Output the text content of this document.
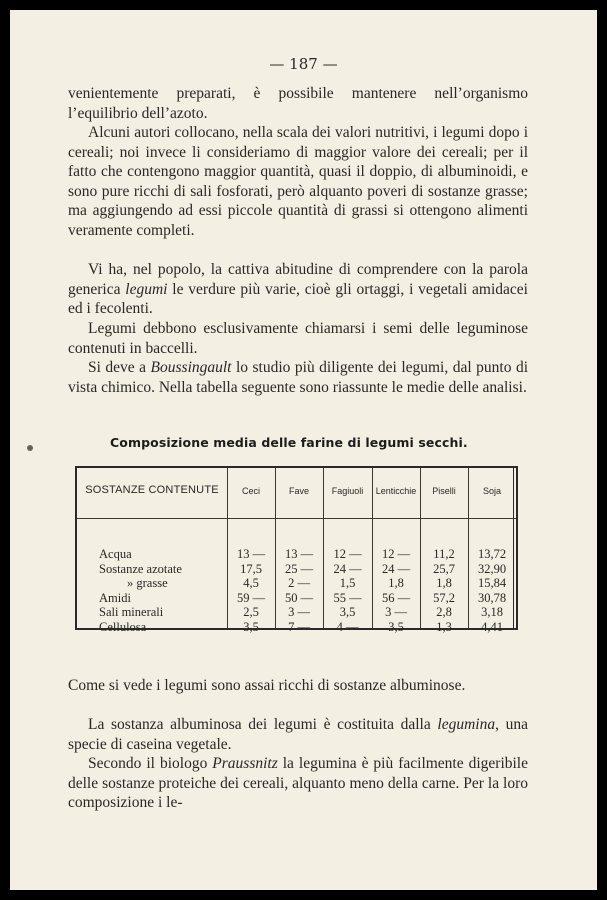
— 187 —

venientemente preparati, è possibile mantenere nell’organismo l’equilibrio dell’azoto.

Alcuni autori collocano, nella scala dei valori nutritivi, i legumi dopo i cereali; noi invece li consideriamo di maggior valore dei cereali; per il fatto che contengono maggior quantità, quasi il doppio, di albuminoidi, e sono pure ricchi di sali fosforati, però alquanto poveri di sostanze grasse; ma aggiungendo ad essi piccole quantità di grassi si ottengono alimenti veramente completi.

Vi ha, nel popolo, la cattiva abitudine di comprendere con la parola generica legumi le verdure più varie, cioè gli ortaggi, i vegetali amidacei ed i fecolenti.

Legumi debbono esclusivamente chiamarsi i semi delle leguminose contenuti in baccelli.

Si deve a Boussingault lo studio più diligente dei legumi, dal punto di vista chimico. Nella tabella seguente sono riassunte le medie delle analisi.

Composizione media delle farine di legumi secchi.
SOSTANZE CONTENUTE	Ceci	Fave	Fagiuoli	Lenticchie	Piselli	Soja
Acqua	13 —	13 —	12 —	12 —	11,2	13,72
Sostanze azotate	17,5	25 —	24 —	24 —	25,7	32,90
» grasse	4,5	2 —	1,5	1,8	1,8	15,84
Amidi	59 —	50 —	55 —	56 —	57,2	30,78
Sali minerali	2,5	3 —	3,5	3 —	2,8	3,18
Cellulosa	3,5	7 —	4 —	3,5	1,3	4,41

Come si vede i legumi sono assai ricchi di sostanze albuminose.

La sostanza albuminosa dei legumi è costituita dalla legumina, una specie di caseina vegetale.

Secondo il biologo Praussnitz la legumina è più facilmente digeribile delle sostanze proteiche dei cereali, alquanto meno della carne. Per la loro composizione i le-
